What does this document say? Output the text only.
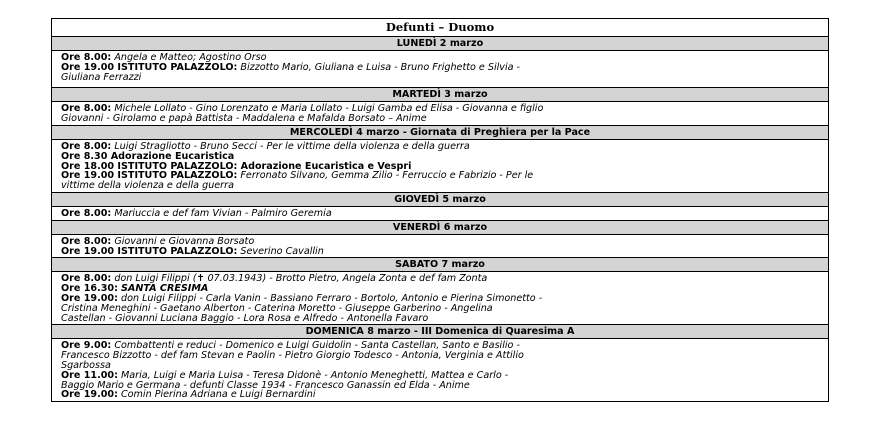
Defunti – Duomo
LUNEDÌ 2 marzo
Ore 8.00: Angela e Matteo; Agostino Orso
Ore 19.00 ISTITUTO PALAZZOLO: Bizzotto Mario, Giuliana e Luisa - Bruno Frighetto e Silvia -
Giuliana Ferrazzi
MARTEDÌ 3 marzo
Ore 8.00: Michele Lollato - Gino Lorenzato e Maria Lollato - Luigi Gamba ed Elisa - Giovanna e figlio
Giovanni - Girolamo e papà Battista - Maddalena e Mafalda Borsato – Anime
MERCOLEDÌ 4 marzo - Giornata di Preghiera per la Pace
Ore 8.00: Luigi Stragliotto - Bruno Secci - Per le vittime della violenza e della guerra
Ore 8.30 Adorazione Eucaristica
Ore 18.00 ISTITUTO PALAZZOLO: Adorazione Eucaristica e Vespri
Ore 19.00 ISTITUTO PALAZZOLO: Ferronato Silvano, Gemma Zilio - Ferruccio e Fabrizio - Per le
vittime della violenza e della guerra
GIOVEDÌ 5 marzo
Ore 8.00: Mariuccia e def fam Vivian - Palmiro Geremia
VENERDÌ 6 marzo
Ore 8.00: Giovanni e Giovanna Borsato
Ore 19.00 ISTITUTO PALAZZOLO: Severino Cavallin
SABATO 7 marzo
Ore 8.00: don Luigi Filippi (✝ 07.03.1943) - Brotto Pietro, Angela Zonta e def fam Zonta
Ore 16.30: SANTA CRESIMA
Ore 19.00: don Luigi Filippi - Carla Vanin - Bassiano Ferraro - Bortolo, Antonio e Pierina Simonetto -
Cristina Meneghini - Gaetano Alberton - Caterina Moretto - Giuseppe Garberino - Angelina
Castellan - Giovanni Luciana Baggio - Lora Rosa e Alfredo - Antonella Favaro
DOMENICA 8 marzo - III Domenica di Quaresima A
Ore 9.00: Combattenti e reduci - Domenico e Luigi Guidolin - Santa Castellan, Santo e Basilio -
Francesco Bizzotto - def fam Stevan e Paolin - Pietro Giorgio Todesco - Antonia, Verginia e Attilio
Sgarbossa
Ore 11.00: Maria, Luigi e Maria Luisa - Teresa Didonè - Antonio Meneghetti, Mattea e Carlo -
Baggio Mario e Germana - defunti Classe 1934 - Francesco Ganassin ed Elda - Anime
Ore 19.00: Comin Pierina Adriana e Luigi Bernardini
